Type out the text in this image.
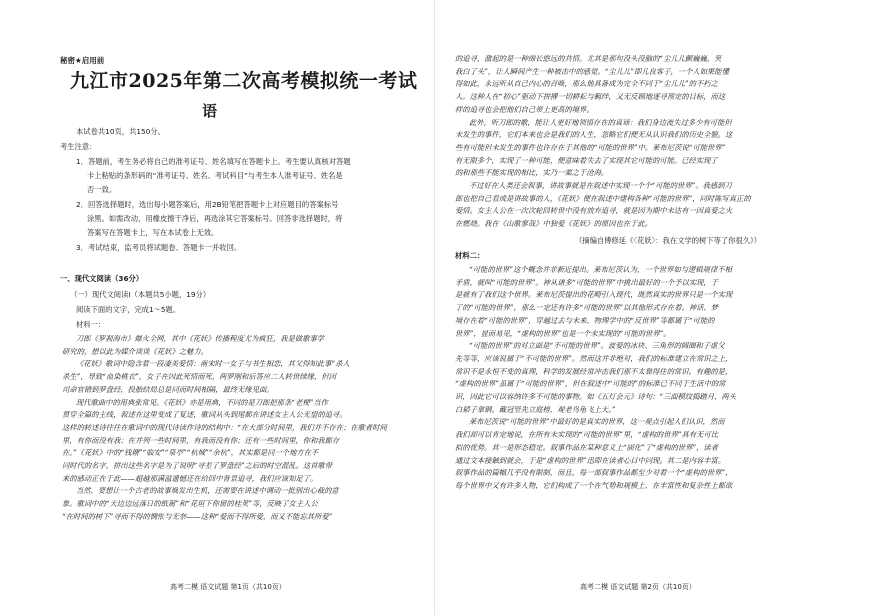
秘密★启用前
九江市2025年第二次高考模拟统一考试
语
本试卷共10页，共150分。
考生注意：
1．答题前，考生务必将自己的准考证号、姓名填写在答题卡上。考生要认真核对答题
卡上粘贴的条形码的“准考证号、姓名、考试科目”与考生本人准考证号、姓名是
否一致。
2．回答选择题时，选出每小题答案后，用2B铅笔把答题卡上对应题目的答案标号
涂黑。如需改动，用橡皮擦干净后，再选涂其它答案标号。回答非选择题时，将
答案写在答题卡上，写在本试卷上无效。
3．考试结束，监考员将试题卷、答题卡一并收回。
一、现代文阅读（36分）
（一）现代文阅读Ⅰ（本题共5小题，19分）
阅读下面的文字，完成1～5题。
材料一：
刀郎《罗刹海市》爆火全网，其中《花妖》传播程度尤为疯狂，我是做歌事学
研究的，想以此为媒介谈谈《花妖》之魅力。
《花妖》歌词中隐含着一段凄美爱情：南宋时一女子与书生相恋，其父得知此事“杀人
杀生”，导致“血染桃衣”，女子在因此死情而死，两罗刚和后答应二人转世续缘，但因
司命官错到罗盘经，投胎结局总是同而时间相隔，最终无缘见面。
现代歌曲中的用典张常见。《花妖》亦是用典，不同的是刀郎把那条“老梗”当作
贯穿全篇的主线，叙述在这里变成了复述，歌词从头到尾都在讲述女主人公无望的追寻。
这样的转述诗往往在歌词中的现代诗读作诗的结构中：“在大部分时间里，我们并不存在；在歌者时间
里，有你而没有我；在并列一些时间里，有我而没有你；还有一些时间里，你和我都存
在。”《花妖》中的“钱塘”“临安”“泉亭”“杭城”“余杭”，其实都是同一个地方在不
同时代的名字，拼出这些名字是为了说明“寻差了罗盘经”之后的时空混乱。这首歌带
来的感动正在于此——超越那满溢遗憾还在给回中背景追寻，我们应该知足了。
当然，要想让一个古老的故事焕发出生机，还需要在讲述中调动一批别出心裁的意
象。歌词中的“天边边远落日的纸篱”和“花垣下你留的桂荚”等，反映了女主人公
“在时间的树下”寻而不得的惆怅与无奈——这种“爱而不得所爱，而又不能忘其所爱”
高考二模 语文试题 第1页（共10页）
的追寻，激起的是一种绵长悠远的共情。尤其是那句没头没脑的“尘儿儿颤巍巍，笑
我白了头”，让人瞬间产生一种被击中的感觉。“尘儿儿”即儿良客子，一个人如果能懂
得如此，永远听从自己内心的召唤，那么他具备成为完全不同于“尘儿儿”的不朽之
人。这种人在“初心”驱动下拼搏一切耕耘与羁绊，又无反顾地逐寻预定的目标，而这
样的追寻也会把他们自己带上更高的境界。
此外，听刀郎的歌，能让人更好地领悟存在的真谛：我们身边流失过多少有可能但
未发生的事件，它们本来也会是我们的人生，忽略它们便无从认识我们的历史全貌。这
些有可能但未发生的事件也许存在于其他的“可能的世界”中。莱布尼茨说“可能世界”
有无限多个，实现了一种可能，便意味着失去了实现其它可能的可能。已经实现了
的和那些不能实现的相比，实乃一粟之于沧海。
不过好在人类还会叙事，讲故事就是在叙述中实现一个个“可能的世界”。我感到刀
郎也把自己看成是讲故事的人，《花妖》便在叙述中建构各种“可能的世界”，同时陈写真正的
爱情。女主人公在一次次轮回转世中没有放弃追寻，就是因为期中未达有一因真爱之火
在燃烧。我在《山歌寥哉》中独爱《花妖》的原因也在于此。
（摘编自傅修延《〈花妖〉：我在文学的树下等了你很久》）
材料二：
“可能的世界”这个概念并非新近提出。莱布尼茨认为，一个世界如与逻辑规律不相
矛盾，就叫“可能的世界”。神从诸多“可能的世界”中挑出最好的一个予以实现，于
是就有了我们这个世界。莱布尼茨提出的花畸引入现代，既然真实的世界只是一个实现
了的“可能的世界”，那么一定还有许多“可能的世界”以其他形式存在着。神话、梦
境存在着“可能的世界”，穿越过去与未来、物理学中的“反世界”等都属于“可能的
世界”，显而易见，“虚构的世界”也是一个未实现的“可能的世界”。
“可能的世界”的对立面是“不可能的世界”。波爱的冰块、三角形的圆圈和子虚父
先等等，应该说属于“不可能的世界”。然而这并非绝对，我们的标准建立在常识之上，
常识不是永恒不变的真理，科学的发展经常冲击我们那不太靠得住的常识。有趣的是，
“虚构的世界”虽属于“可能的世界”，但在叙述中“可能的”的标准已不同于生活中的常
识，因此它可以容纳许多不可能的事物。如《五灯会元》诗句：“三面模纹捣踏月，两头
白韬子拿钢。戴冠竖先立庭榜，观老鸟龟飞上天。”
莱布尼茨说“可能的世界”中最好的是真实的世界，这一观点引起人们认识，然而
我们却可以肯定地说，在所有未实现的“可能的世界”里，“虚构的世界”具有无可比
拟的优势。其一是形态稳定。叙事作品在某种意义上“固化”了“虚构的世界”，读者
通过文本接触到就会，于是“虚构的世界”迅即在读者心目中同现。其二是内容丰富。
叙事作品的篇幅几乎没有限制，而且，每一部叙事作品都至少对着一个“虚构的世界”，
每个世界中又有许多人物，它们构成了一个在气势和规模上、在丰富性和复杂性上都欲
高考二模 语文试题 第2页（共10页）
